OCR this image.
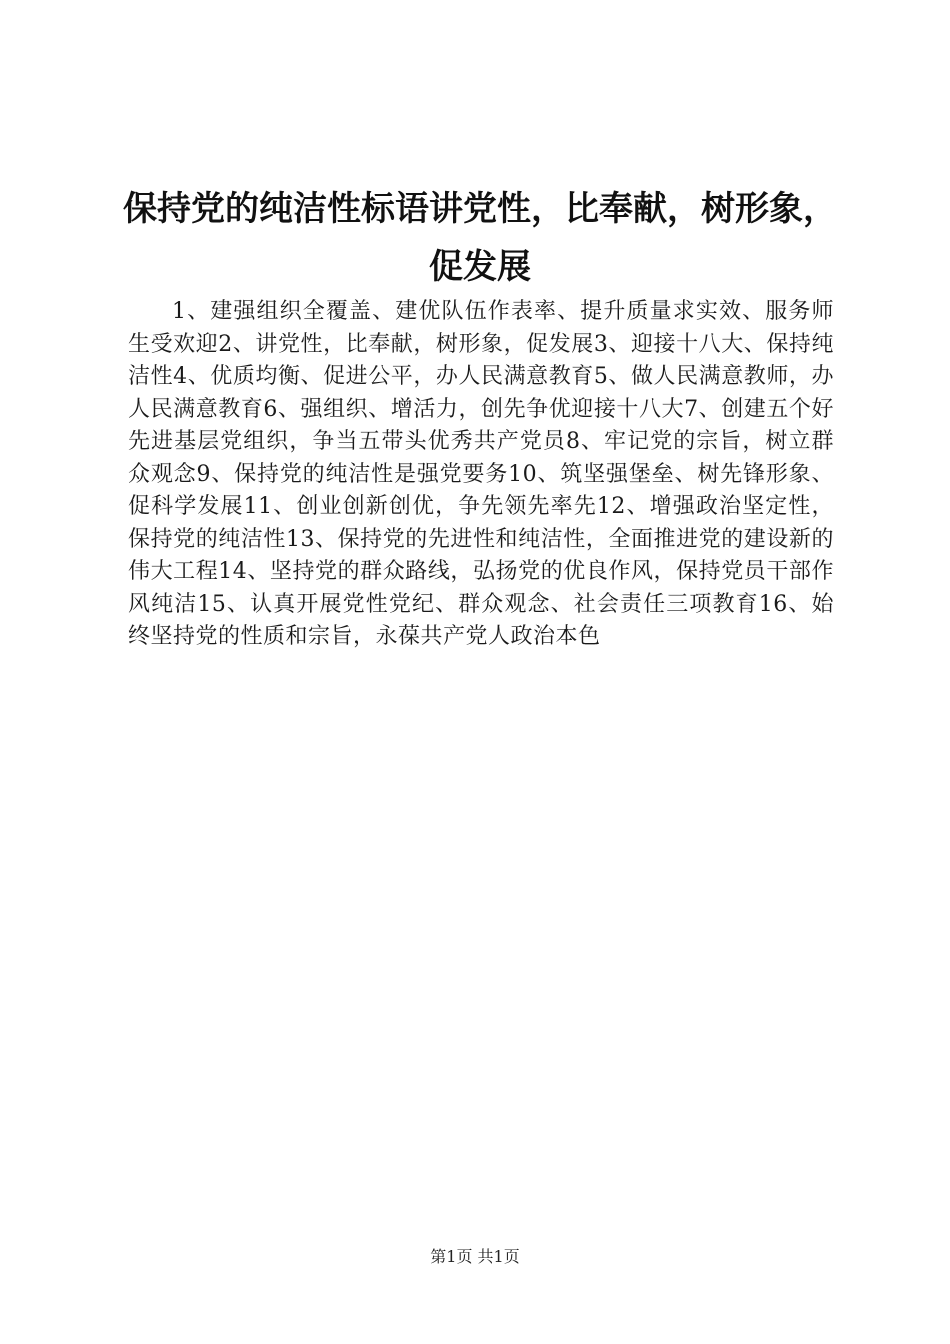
保持党的纯洁性标语讲党性，比奉献，树形象，促发展
1、建强组织全覆盖、建优队伍作表率、提升质量求实效、服务师生受欢迎2、讲党性，比奉献，树形象，促发展3、迎接十八大、保持纯洁性4、优质均衡、促进公平，办人民满意教育5、做人民满意教师，办人民满意教育6、强组织、增活力，创先争优迎接十八大7、创建五个好先进基层党组织，争当五带头优秀共产党员8、牢记党的宗旨，树立群众观念9、保持党的纯洁性是强党要务10、筑坚强堡垒、树先锋形象、促科学发展11、创业创新创优，争先领先率先12、增强政治坚定性，保持党的纯洁性13、保持党的先进性和纯洁性，全面推进党的建设新的伟大工程14、坚持党的群众路线，弘扬党的优良作风，保持党员干部作风纯洁15、认真开展党性党纪、群众观念、社会责任三项教育16、始终坚持党的性质和宗旨，永葆共产党人政治本色
第1页 共1页
